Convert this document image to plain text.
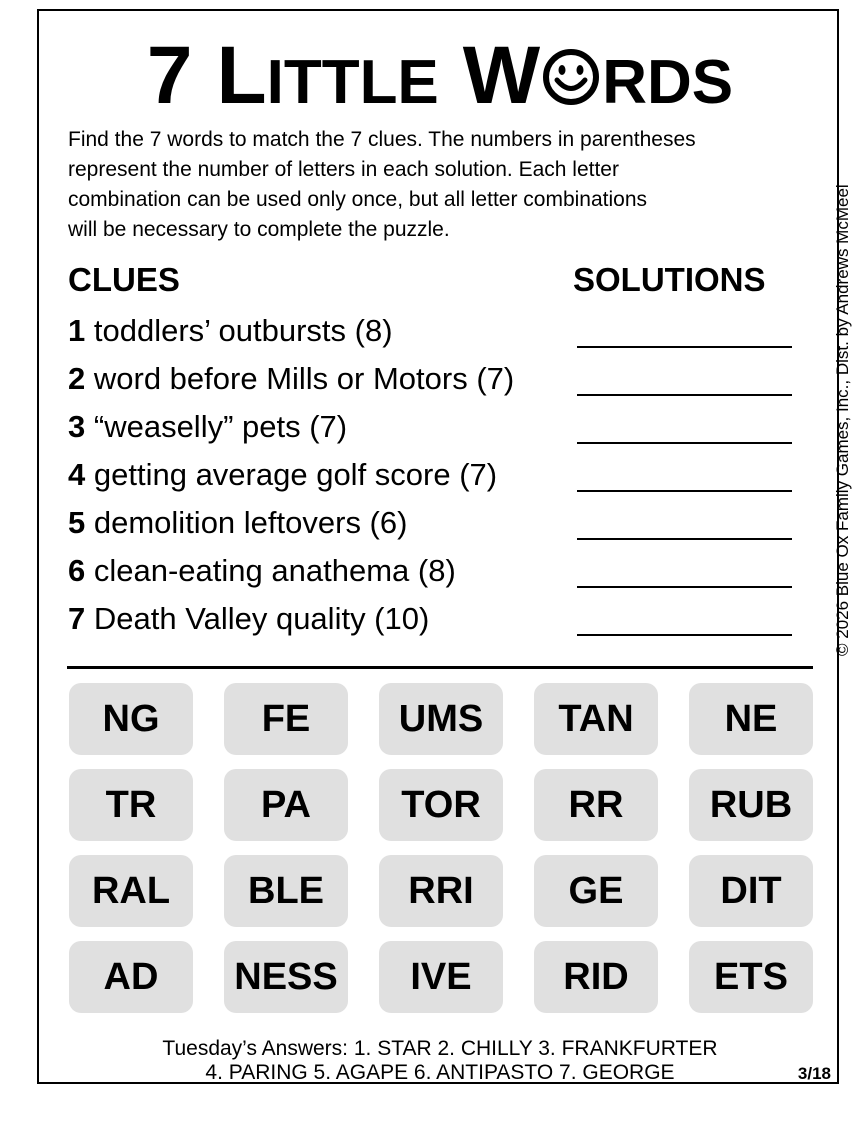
7 LITTLE W RDS
Find the 7 words to match the 7 clues. The numbers in parentheses
represent the number of letters in each solution. Each letter
combination can be used only once, but all letter combinations
will be necessary to complete the puzzle.
CLUES	SOLUTIONS
1 toddlers’ outbursts (8)
2 word before Mills or Motors (7)
3 “weaselly” pets (7)
4 getting average golf score (7)
5 demolition leftovers (6)
6 clean-eating anathema (8)
7 Death Valley quality (10)	© 2026 Blue Ox Family Games, Inc., Dist. by Andrews McMeel
NG	FE	UMS	TAN	NE
TR	PA	TOR	RR	RUB
RAL	BLE	RRI	GE	DIT
AD	NESS	IVE	RID	ETS
Tuesday’s Answers: 1. STAR 2. CHILLY 3. FRANKFURTER
4. PARING 5. AGAPE 6. ANTIPASTO 7. GEORGE	3/18
